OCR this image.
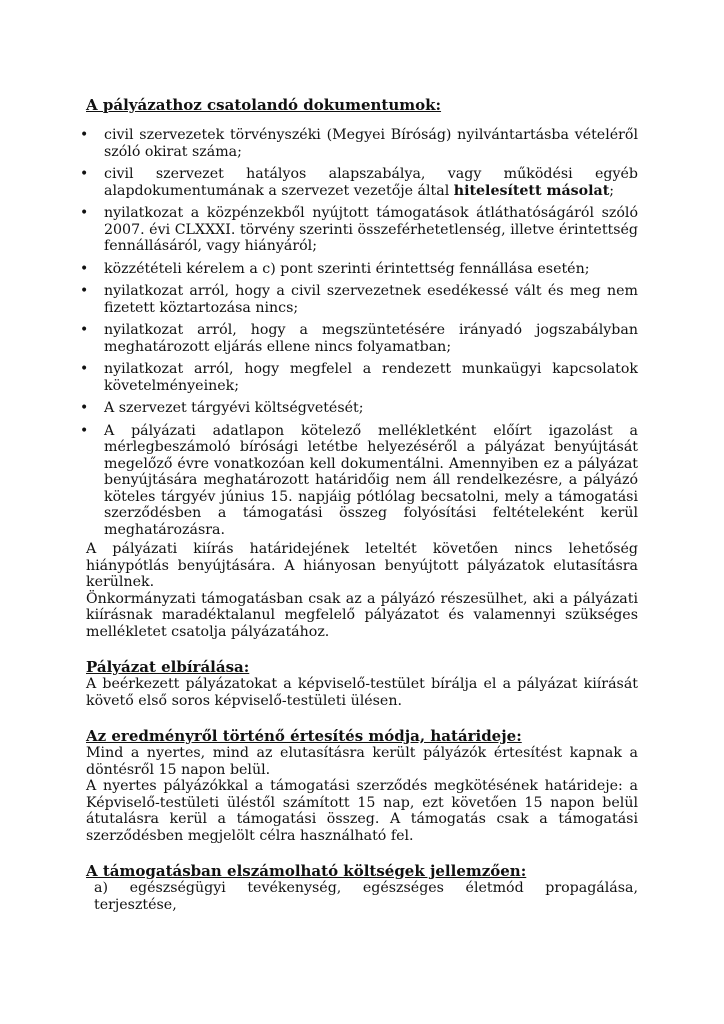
A pályázathoz csatolandó dokumentumok:

• civil szervezetek törvényszéki (Megyei Bíróság) nyilvántartásba vételéről szóló okirat száma;
• civil szervezet hatályos alapszabálya, vagy működési egyéb alapdokumentumának a szervezet vezetője által hitelesített másolat;
• nyilatkozat a közpénzekből nyújtott támogatások átláthatóságáról szóló 2007. évi CLXXXI. törvény szerinti összeférhetetlenség, illetve érintettség fennállásáról, vagy hiányáról;
• közzétételi kérelem a c) pont szerinti érintettség fennállása esetén;
• nyilatkozat arról, hogy a civil szervezetnek esedékessé vált és meg nem fizetett köztartozása nincs;
• nyilatkozat arról, hogy a megszüntetésére irányadó jogszabályban meghatározott eljárás ellene nincs folyamatban;
• nyilatkozat arról, hogy megfelel a rendezett munkaügyi kapcsolatok követelményeinek;
• A szervezet tárgyévi költségvetését;
• A pályázati adatlapon kötelező mellékletként előírt igazolást a mérlegbeszámoló bírósági letétbe helyezéséről a pályázat benyújtását megelőző évre vonatkozóan kell dokumentálni. Amennyiben ez a pályázat benyújtására meghatározott határidőig nem áll rendelkezésre, a pályázó köteles tárgyév június 15. napjáig pótlólag becsatolni, mely a támogatási szerződésben a támogatási összeg folyósítási feltételeként kerül meghatározásra.

A pályázati kiírás határidejének leteltét követően nincs lehetőség hiánypótlás benyújtására. A hiányosan benyújtott pályázatok elutasításra kerülnek.

Önkormányzati támogatásban csak az a pályázó részesülhet, aki a pályázati kiírásnak maradéktalanul megfelelő pályázatot és valamennyi szükséges mellékletet csatolja pályázatához.

Pályázat elbírálása:

A beérkezett pályázatokat a képviselő-testület bírálja el a pályázat kiírását követő első soros képviselő-testületi ülésen.

Az eredményről történő értesítés módja, határideje:

Mind a nyertes, mind az elutasításra került pályázók értesítést kapnak a döntésről 15 napon belül.

A nyertes pályázókkal a támogatási szerződés megkötésének határideje: a Képviselő-testületi üléstől számított 15 nap, ezt követően 15 napon belül átutalásra kerül a támogatási összeg. A támogatás csak a támogatási szerződésben megjelölt célra használható fel.

A támogatásban elszámolható költségek jellemzően:

a) egészségügyi tevékenység, egészséges életmód propagálása, terjesztése,
